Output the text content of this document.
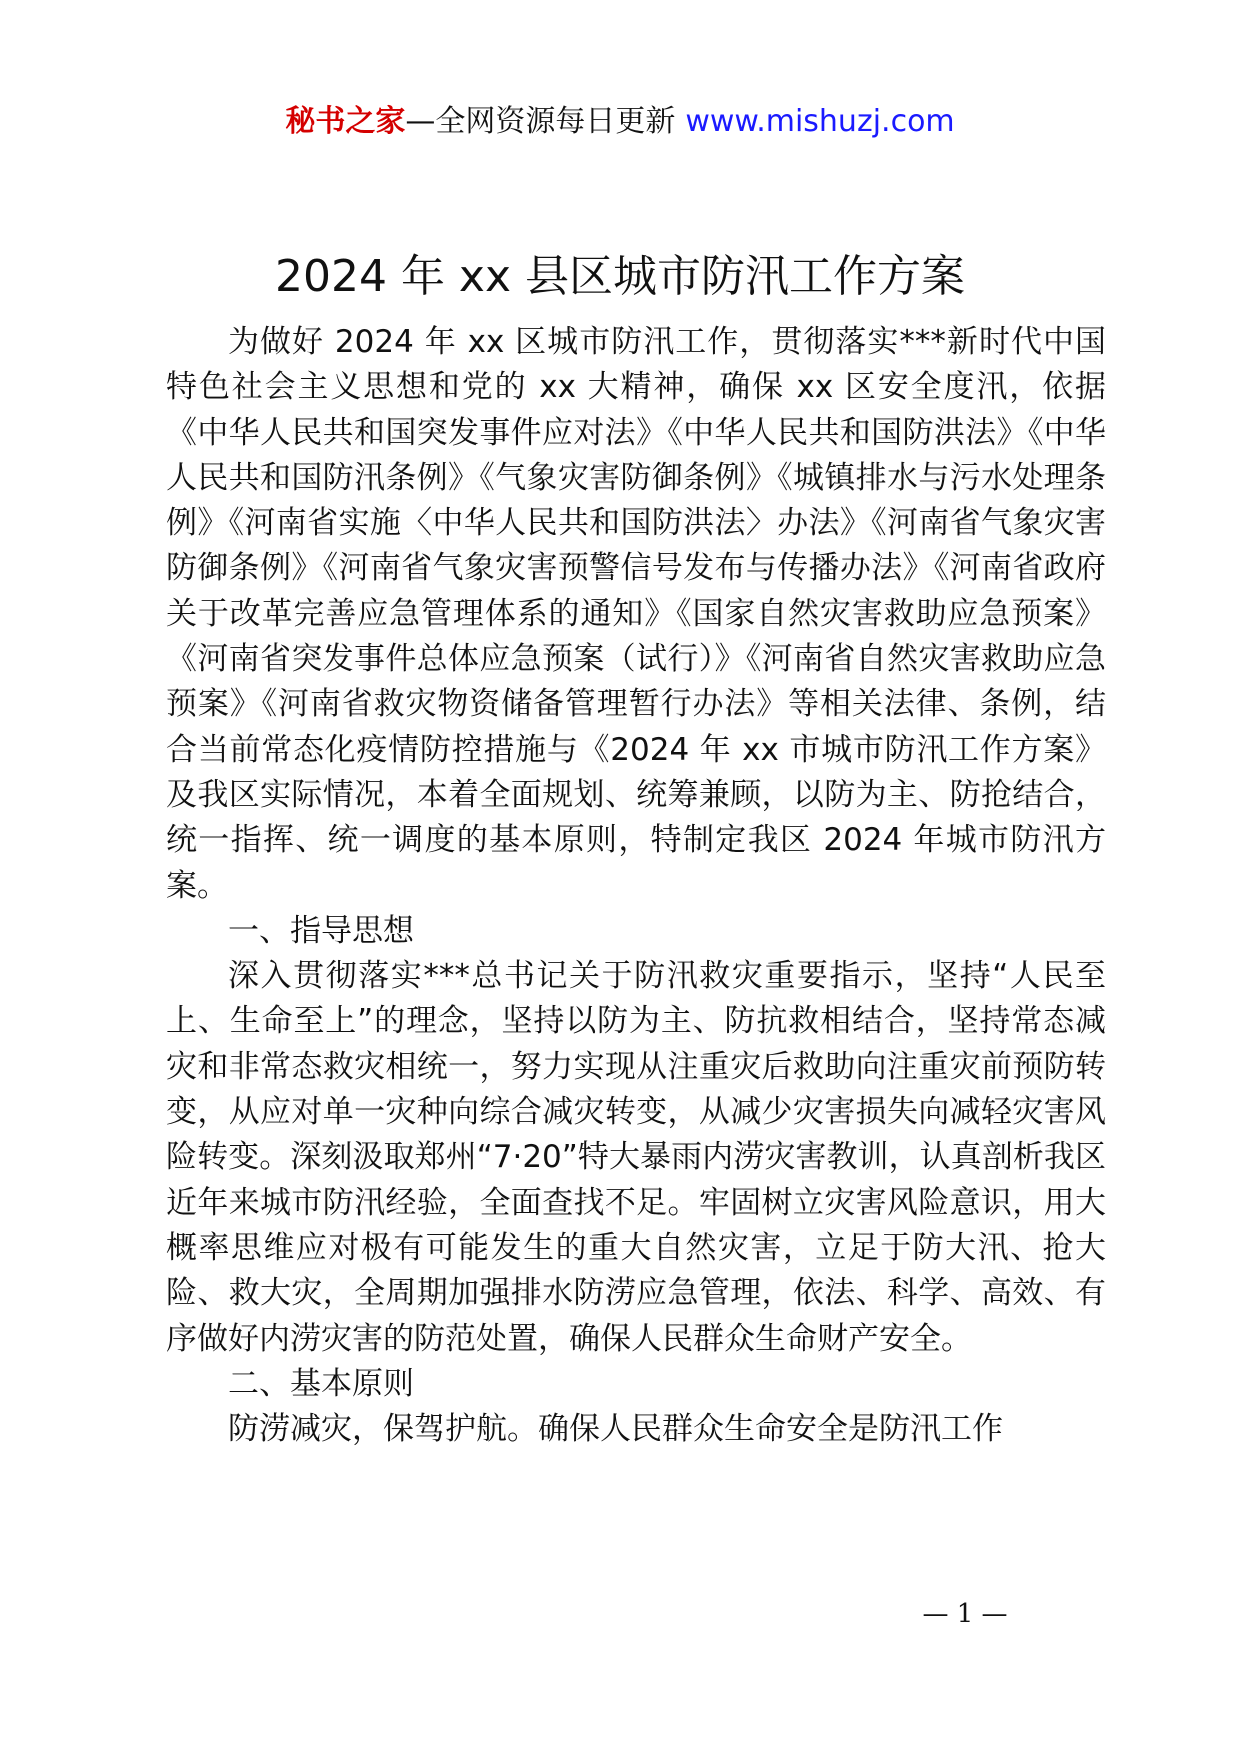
秘书之家—全网资源每日更新 www.mishuzj.com
2024 年 xx 县区城市防汛工作方案

为做好 2024 年 xx 区城市防汛工作，贯彻落实***新时代中国特色社会主义思想和党的 xx 大精神，确保 xx 区安全度汛，依据《中华人民共和国突发事件应对法》《中华人民共和国防洪法》《中华人民共和国防汛条例》《气象灾害防御条例》《城镇排水与污水处理条例》《河南省实施〈中华人民共和国防洪法〉办法》《河南省气象灾害防御条例》《河南省气象灾害预警信号发布与传播办法》《河南省政府关于改革完善应急管理体系的通知》《国家自然灾害救助应急预案》《河南省突发事件总体应急预案（试行）》《河南省自然灾害救助应急预案》《河南省救灾物资储备管理暂行办法》等相关法律、条例，结合当前常态化疫情防控措施与《2024 年 xx 市城市防汛工作方案》及我区实际情况，本着全面规划、统筹兼顾，以防为主、防抢结合，统一指挥、统一调度的基本原则，特制定我区 2024 年城市防汛方案。

一、指导思想

深入贯彻落实***总书记关于防汛救灾重要指示，坚持“人民至上、生命至上”的理念，坚持以防为主、防抗救相结合，坚持常态减灾和非常态救灾相统一，努力实现从注重灾后救助向注重灾前预防转变，从应对单一灾种向综合减灾转变，从减少灾害损失向减轻灾害风险转变。深刻汲取郑州“7·20”特大暴雨内涝灾害教训，认真剖析我区近年来城市防汛经验，全面查找不足。牢固树立灾害风险意识，用大概率思维应对极有可能发生的重大自然灾害，立足于防大汛、抢大险、救大灾，全周期加强排水防涝应急管理，依法、科学、高效、有序做好内涝灾害的防范处置，确保人民群众生命财产安全。

二、基本原则

防涝减灾，保驾护航。确保人民群众生命安全是防汛工作

— 1 —
